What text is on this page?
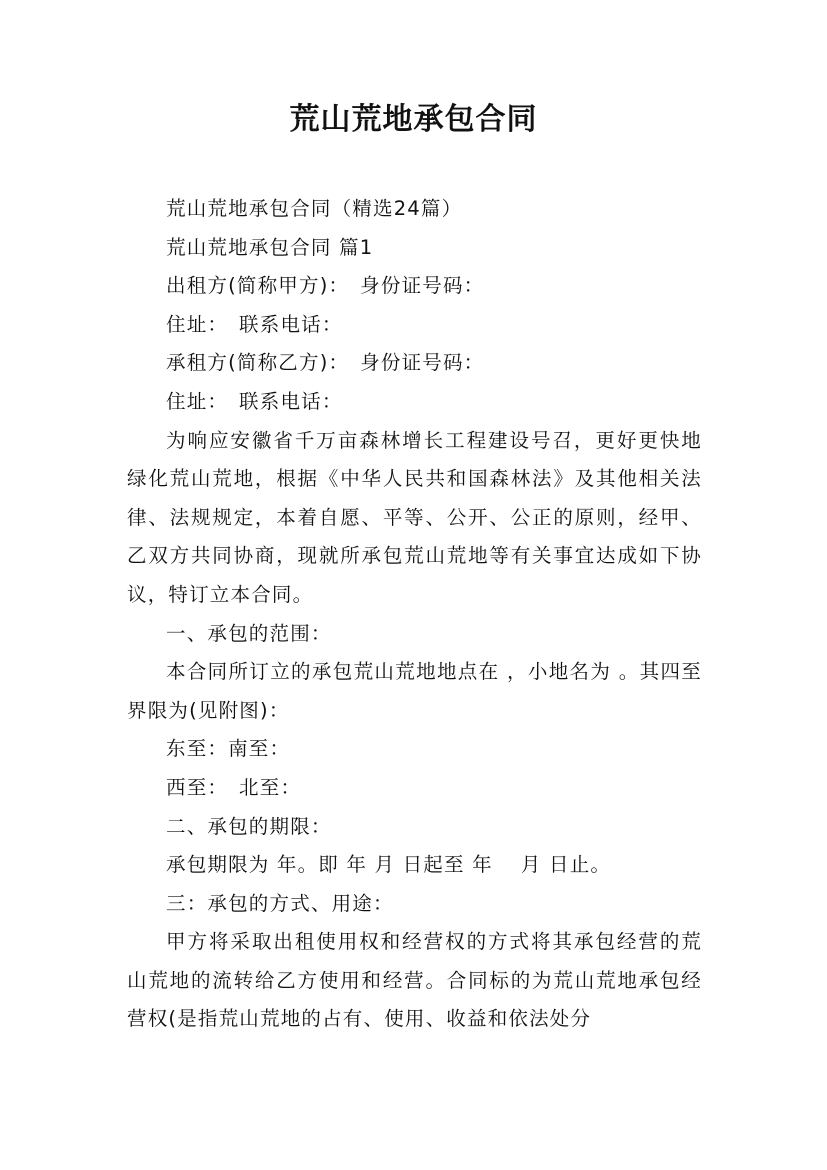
荒山荒地承包合同

荒山荒地承包合同（精选24篇）

荒山荒地承包合同 篇1

出租方(简称甲方)：　身份证号码：

住址：　联系电话：

承租方(简称乙方)：　身份证号码：

住址：　联系电话：

为响应安徽省千万亩森林增长工程建设号召，更好更快地绿化荒山荒地，根据《中华人民共和国森林法》及其他相关法律、法规规定，本着自愿、平等、公开、公正的原则，经甲、乙双方共同协商，现就所承包荒山荒地等有关事宜达成如下协议，特订立本合同。

一、承包的范围：

本合同所订立的承包荒山荒地地点在 ，小地名为 。其四至界限为(见附图)：

东至：南至：

西至：　北至：

二、承包的期限：

承包期限为 年。即 年 月 日起至 年　 月 日止。

三：承包的方式、用途：

甲方将采取出租使用权和经营权的方式将其承包经营的荒山荒地的流转给乙方使用和经营。合同标的为荒山荒地承包经营权(是指荒山荒地的占有、使用、收益和依法处分
